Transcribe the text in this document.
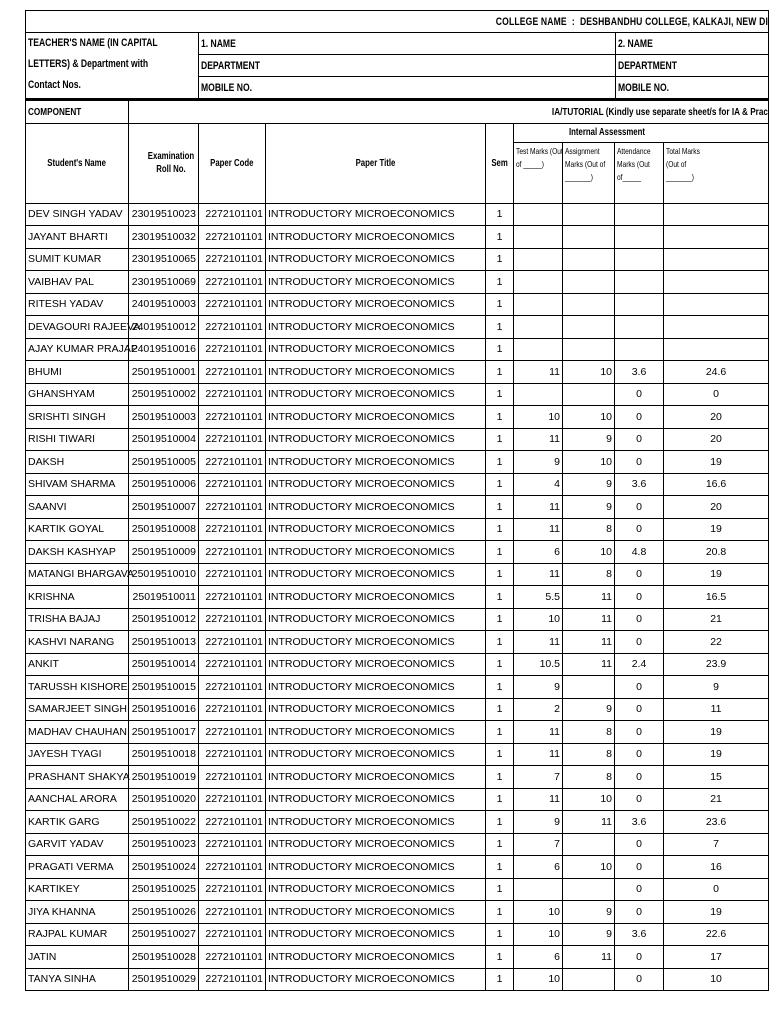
COLLEGE NAME : DESHBANDHU COLLEGE, KALKAJI, NEW DI		

TEACHER'S NAME (IN CAPITAL
LETTERS) & Department with
Contact Nos.	1. NAME	2. NAME
	DEPARTMENT	DEPARTMENT
	MOBILE NO.	MOBILE NO.
COMPONENT	IA/TUTORIAL (Kindly use separate sheet/s for IA & Prac							
Student's Name	Examination Roll No.	Paper Code	Paper Title	Sem	Internal Assessment			
					Test Marks (Out of _____)	Assignment Marks (Out of _______)	Attendance Marks (Out of_____	Total Marks (Out of _______)
DEV SINGH YADAV	23019510023	2272101101	INTRODUCTORY MICROECONOMICS	1				
JAYANT BHARTI	23019510032	2272101101	INTRODUCTORY MICROECONOMICS	1				
SUMIT KUMAR	23019510065	2272101101	INTRODUCTORY MICROECONOMICS	1				
VAIBHAV PAL	23019510069	2272101101	INTRODUCTORY MICROECONOMICS	1				
RITESH YADAV	24019510003	2272101101	INTRODUCTORY MICROECONOMICS	1				
DEVAGOURI RAJEEVA	24019510012	2272101101	INTRODUCTORY MICROECONOMICS	1				
AJAY KUMAR PRAJAP	24019510016	2272101101	INTRODUCTORY MICROECONOMICS	1				
BHUMI	25019510001	2272101101	INTRODUCTORY MICROECONOMICS	1	11	10	3.6	24.6
GHANSHYAM	25019510002	2272101101	INTRODUCTORY MICROECONOMICS	1			0	0
SRISHTI SINGH	25019510003	2272101101	INTRODUCTORY MICROECONOMICS	1	10	10	0	20
RISHI TIWARI	25019510004	2272101101	INTRODUCTORY MICROECONOMICS	1	11	9	0	20
DAKSH	25019510005	2272101101	INTRODUCTORY MICROECONOMICS	1	9	10	0	19
SHIVAM SHARMA	25019510006	2272101101	INTRODUCTORY MICROECONOMICS	1	4	9	3.6	16.6
SAANVI	25019510007	2272101101	INTRODUCTORY MICROECONOMICS	1	11	9	0	20
KARTIK GOYAL	25019510008	2272101101	INTRODUCTORY MICROECONOMICS	1	11	8	0	19
DAKSH KASHYAP	25019510009	2272101101	INTRODUCTORY MICROECONOMICS	1	6	10	4.8	20.8
MATANGI BHARGAVA	25019510010	2272101101	INTRODUCTORY MICROECONOMICS	1	11	8	0	19
KRISHNA	25019510011	2272101101	INTRODUCTORY MICROECONOMICS	1	5.5	11	0	16.5
TRISHA BAJAJ	25019510012	2272101101	INTRODUCTORY MICROECONOMICS	1	10	11	0	21
KASHVI NARANG	25019510013	2272101101	INTRODUCTORY MICROECONOMICS	1	11	11	0	22
ANKIT	25019510014	2272101101	INTRODUCTORY MICROECONOMICS	1	10.5	11	2.4	23.9
TARUSSH KISHORE	25019510015	2272101101	INTRODUCTORY MICROECONOMICS	1	9		0	9
SAMARJEET SINGH	25019510016	2272101101	INTRODUCTORY MICROECONOMICS	1	2	9	0	11
MADHAV CHAUHAN	25019510017	2272101101	INTRODUCTORY MICROECONOMICS	1	11	8	0	19
JAYESH TYAGI	25019510018	2272101101	INTRODUCTORY MICROECONOMICS	1	11	8	0	19
PRASHANT SHAKYA	25019510019	2272101101	INTRODUCTORY MICROECONOMICS	1	7	8	0	15
AANCHAL ARORA	25019510020	2272101101	INTRODUCTORY MICROECONOMICS	1	11	10	0	21
KARTIK GARG	25019510022	2272101101	INTRODUCTORY MICROECONOMICS	1	9	11	3.6	23.6
GARVIT YADAV	25019510023	2272101101	INTRODUCTORY MICROECONOMICS	1	7		0	7
PRAGATI VERMA	25019510024	2272101101	INTRODUCTORY MICROECONOMICS	1	6	10	0	16
KARTIKEY	25019510025	2272101101	INTRODUCTORY MICROECONOMICS	1			0	0
JIYA KHANNA	25019510026	2272101101	INTRODUCTORY MICROECONOMICS	1	10	9	0	19
RAJPAL KUMAR	25019510027	2272101101	INTRODUCTORY MICROECONOMICS	1	10	9	3.6	22.6
JATIN	25019510028	2272101101	INTRODUCTORY MICROECONOMICS	1	6	11	0	17
TANYA SINHA	25019510029	2272101101	INTRODUCTORY MICROECONOMICS	1	10		0	10
